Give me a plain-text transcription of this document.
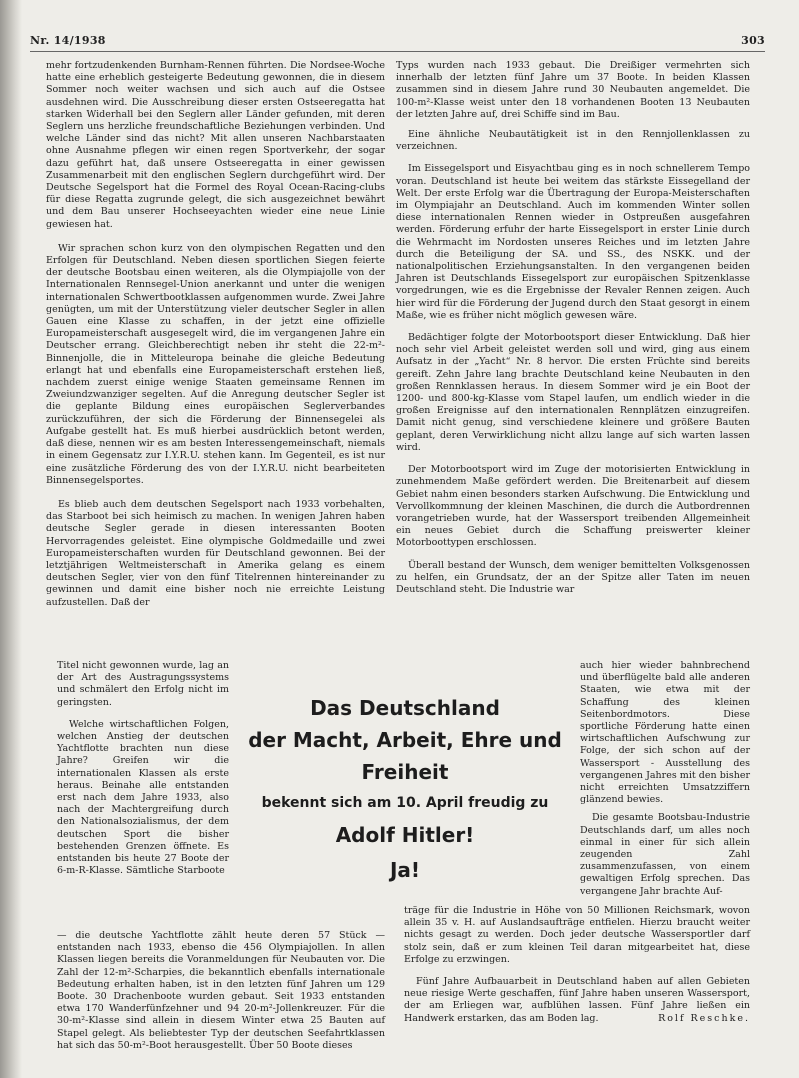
Nr. 14/1938	303

mehr fortzudenkenden Burnham-Rennen führten. Die Nordsee-Woche hatte eine erheblich gesteigerte Bedeutung gewonnen, die in diesem Sommer noch weiter wachsen und sich auch auf die Ostsee ausdehnen wird. Die Ausschreibung dieser ersten Ostseeregatta hat starken Widerhall bei den Seglern aller Länder gefunden, mit deren Seglern uns herzliche freundschaftliche Beziehungen verbinden. Und welche Länder sind das nicht? Mit allen unseren Nachbarstaaten ohne Ausnahme pflegen wir einen regen Sportverkehr, der sogar dazu geführt hat, daß unsere Ostseeregatta in einer gewissen Zusammenarbeit mit den englischen Seglern durchgeführt wird. Der Deutsche Segelsport hat die Formel des Royal Ocean-Racing-clubs für diese Regatta zugrunde gelegt, die sich ausgezeichnet bewährt und dem Bau unserer Hochseeyachten wieder eine neue Linie gewiesen hat.

Wir sprachen schon kurz von den olympischen Regatten und den Erfolgen für Deutschland. Neben diesen sportlichen Siegen feierte der deutsche Bootsbau einen weiteren, als die Olympiajolle von der Internationalen Rennsegel-Union anerkannt und unter die wenigen internationalen Schwertbootklassen aufgenommen wurde. Zwei Jahre genügten, um mit der Unterstützung vieler deutscher Segler in allen Gauen eine Klasse zu schaffen, in der jetzt eine offizielle Europameisterschaft ausgesegelt wird, die im vergangenen Jahre ein Deutscher errang. Gleichberechtigt neben ihr steht die 22-m²-Binnenjolle, die in Mitteleuropa beinahe die gleiche Bedeutung erlangt hat und ebenfalls eine Europameisterschaft erstehen ließ, nachdem zuerst einige wenige Staaten gemeinsame Rennen im Zweiundzwanziger segelten. Auf die Anregung deutscher Segler ist die geplante Bildung eines europäischen Seglerverbandes zurückzuführen, der sich die Förderung der Binnensegelei als Aufgabe gestellt hat. Es muß hierbei ausdrücklich betont werden, daß diese, nennen wir es am besten Interessengemeinschaft, niemals in einem Gegensatz zur I.Y.R.U. stehen kann. Im Gegenteil, es ist nur eine zusätzliche Förderung des von der I.Y.R.U. nicht bearbeiteten Binnensegelsportes.

Es blieb auch dem deutschen Segelsport nach 1933 vorbehalten, das Starboot bei sich heimisch zu machen. In wenigen Jahren haben deutsche Segler gerade in diesen interessanten Booten Hervorragendes geleistet. Eine olympische Goldmedaille und zwei Europameisterschaften wurden für Deutschland gewonnen. Bei der letztjährigen Weltmeisterschaft in Amerika gelang es einem deutschen Segler, vier von den fünf Titelrennen hintereinander zu gewinnen und damit eine bisher noch nie erreichte Leistung aufzustellen. Daß der

Titel nicht gewonnen wurde, lag an der Art des Austragungssystems und schmälert den Erfolg nicht im geringsten.

Welche wirtschaftlichen Folgen, welchen Anstieg der deutschen Yachtflotte brachten nun diese Jahre? Greifen wir die internationalen Klassen als erste heraus. Beinahe alle entstanden erst nach dem Jahre 1933, also nach der Machtergreifung durch den Nationalsozialismus, der dem deutschen Sport die bisher bestehenden Grenzen öffnete. Es entstanden bis heute 27 Boote der 6-m-R-Klasse. Sämtliche Starboote

— die deutsche Yachtflotte zählt heute deren 57 Stück — entstanden nach 1933, ebenso die 456 Olympiajollen. In allen Klassen liegen bereits die Voranmeldungen für Neubauten vor. Die Zahl der 12-m²-Scharpies, die bekanntlich ebenfalls internationale Bedeutung erhalten haben, ist in den letzten fünf Jahren um 129 Boote. 30 Drachenboote wurden gebaut. Seit 1933 entstanden etwa 170 Wanderfünfzehner und 94 20-m²-Jollenkreuzer. Für die 30-m²-Klasse sind allein in diesem Winter etwa 25 Bauten auf Stapel gelegt. Als beliebtester Typ der deutschen Seefahrtklassen hat sich das 50-m²-Boot herausgestellt. Über 50 Boote dieses

Typs wurden nach 1933 gebaut. Die Dreißiger vermehrten sich innerhalb der letzten fünf Jahre um 37 Boote. In beiden Klassen zusammen sind in diesem Jahre rund 30 Neubauten angemeldet. Die 100-m²-Klasse weist unter den 18 vorhandenen Booten 13 Neubauten der letzten Jahre auf, drei Schiffe sind im Bau.

Eine ähnliche Neubautätigkeit ist in den Rennjollenklassen zu verzeichnen.

Im Eissegelsport und Eisyachtbau ging es in noch schnellerem Tempo voran. Deutschland ist heute bei weitem das stärkste Eissegelland der Welt. Der erste Erfolg war die Übertragung der Europa-Meisterschaften im Olympiajahr an Deutschland. Auch im kommenden Winter sollen diese internationalen Rennen wieder in Ostpreußen ausgefahren werden. Förderung erfuhr der harte Eissegelsport in erster Linie durch die Wehrmacht im Nordosten unseres Reiches und im letzten Jahre durch die Beteiligung der SA. und SS., des NSKK. und der nationalpolitischen Erziehungsanstalten. In den vergangenen beiden Jahren ist Deutschlands Eissegelsport zur europäischen Spitzenklasse vorgedrungen, wie es die Ergebnisse der Revaler Rennen zeigen. Auch hier wird für die Förderung der Jugend durch den Staat gesorgt in einem Maße, wie es früher nicht möglich gewesen wäre.

Bedächtiger folgte der Motorbootsport dieser Entwicklung. Daß hier noch sehr viel Arbeit geleistet werden soll und wird, ging aus einem Aufsatz in der „Yacht“ Nr. 8 hervor. Die ersten Früchte sind bereits gereift. Zehn Jahre lang brachte Deutschland keine Neubauten in den großen Rennklassen heraus. In diesem Sommer wird je ein Boot der 1200- und 800-kg-Klasse vom Stapel laufen, um endlich wieder in die großen Ereignisse auf den internationalen Rennplätzen einzugreifen. Damit nicht genug, sind verschiedene kleinere und größere Bauten geplant, deren Verwirklichung nicht allzu lange auf sich warten lassen wird.

Der Motorbootsport wird im Zuge der motorisierten Entwicklung in zunehmendem Maße gefördert werden. Die Breitenarbeit auf diesem Gebiet nahm einen besonders starken Aufschwung. Die Entwicklung und Vervollkommnung der kleinen Maschinen, die durch die Autbordrennen vorangetrieben wurde, hat der Wassersport treibenden Allgemeinheit ein neues Gebiet durch die Schaffung preiswerter kleiner Motorboottypen erschlossen.

Überall bestand der Wunsch, dem weniger bemittelten Volksgenossen zu helfen, ein Grundsatz, der an der Spitze aller Taten im neuen Deutschland steht. Die Industrie war

auch hier wieder bahnbrechend und überflügelte bald alle anderen Staaten, wie etwa mit der Schaffung des kleinen Seitenbordmotors. Diese sportliche Förderung hatte einen wirtschaftlichen Aufschwung zur Folge, der sich schon auf der Wassersport - Ausstellung des vergangenen Jahres mit den bisher nicht erreichten Umsatzziffern glänzend bewies.

Die gesamte Bootsbau-Industrie Deutschlands darf, um alles noch einmal in einer für sich allein zeugenden Zahl zusammenzufassen, von einem gewaltigen Erfolg sprechen. Das vergangene Jahr brachte Auf-

träge für die Industrie in Höhe von 50 Millionen Reichsmark, wovon allein 35 v. H. auf Auslandsaufträge entfielen. Hierzu braucht weiter nichts gesagt zu werden. Doch jeder deutsche Wassersportler darf stolz sein, daß er zum kleinen Teil daran mitgearbeitet hat, diese Erfolge zu erzwingen.

Fünf Jahre Aufbauarbeit in Deutschland haben auf allen Gebieten neue riesige Werte geschaffen, fünf Jahre haben unseren Wassersport, der am Erliegen war, aufblühen lassen. Fünf Jahre ließen ein Handwerk erstarken, das am Boden lag.	Rolf Reschke.

Das Deutschland
der Macht, Arbeit, Ehre und
Freiheit
bekennt sich am 10. April freudig zu
Adolf Hitler!
Ja!
